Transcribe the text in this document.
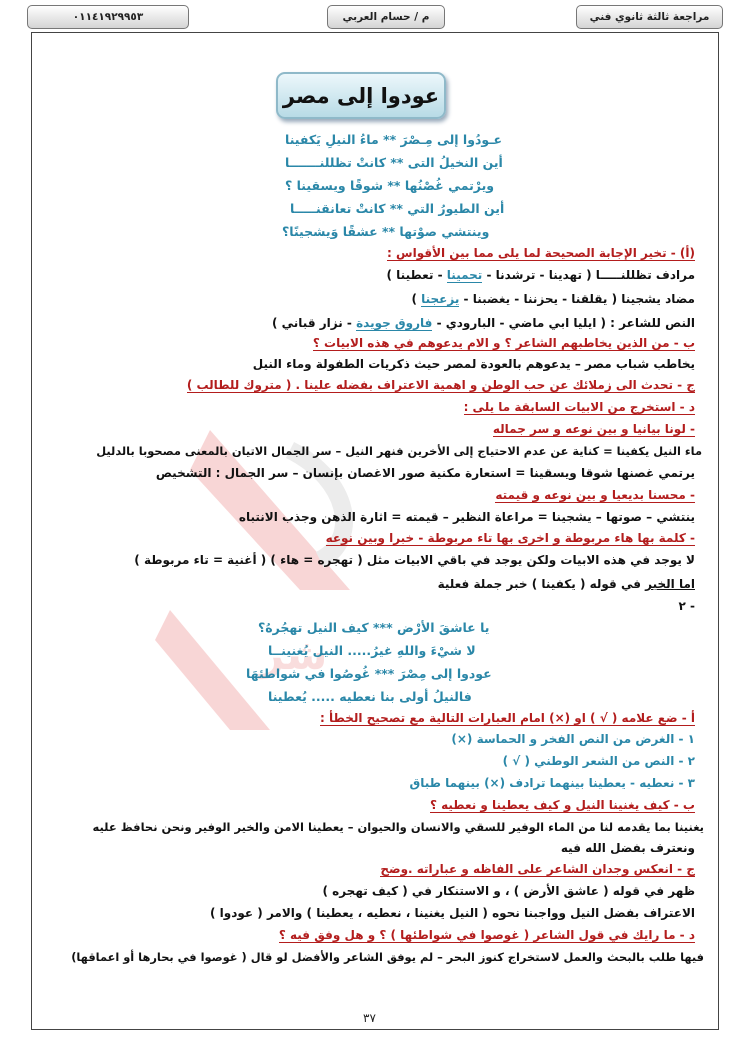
٠١١٤١٩٢٩٩٥٣	م / حسام العربي	مراجعة ثالثة ثانوي فني
شر
عودوا إلى مصر
عـودُوا إلى مِـصْرَ ** ماءُ النيلِ يَكفينا
أين النخيلُ التى ** كانتْ تظللنـــــــا
ويرْتمي غُصْنُها ** شوقًا ويسقينا ؟
أين الطيورُ التي ** كانتْ تعانقنـــــا
وينتشي صوْتها ** عشقًا وَيشجينًا؟
(أ) - تخير الإجابة الصحيحة لما يلى مما بين الأقواس :
مرادف تظللنـــــا ( تهدينا - ترشدنا - تحمينا - تعطينا )
مضاد يشجينا ( يقلقنا - يحزننا - يغضبنا - يزعجنا )
النص للشاعر : ( ايليا ابي ماضي - البارودي - فاروق جويدة - نزار قباني )
ب - من الذين يخاطبهم الشاعر ؟ و الام يدعوهم في هذه الابيات ؟
يخاطب شباب مصر – يدعوهم بالعودة لمصر حيث ذكريات الطفولة وماء النيل
ج - تحدث الى زملائك عن حب الوطن و اهمية الاعتراف بفضله علينا . ( متروك للطالب )
د - استخرج من الابيات السابقة ما يلى :
- لونا بيانيا و بين نوعه و سر جماله
ماء النيل يكفينا = كناية عن عدم الاحتياج إلى الأخرين فنهر النيل – سر الجمال الاتيان بالمعنى مصحوبا بالدليل
يرتمي غصنها شوقا ويسقينا = استعارة مكنية صور الاغصان بإنسان – سر الجمال : التشخيص
- محسنا بديعيا و بين نوعه و قيمته
ينتشي – صوتها – يشجينا = مراعاة النظير – قيمته = اثارة الذهن وجذب الانتباه
- كلمة بها هاء مربوطة و اخرى بها تاء مربوطة - خبرا وبين نوعه
لا يوجد في هذه الابيات ولكن يوجد في باقي الابيات مثل ( تهجره = هاء ) ( أغنية = تاء مربوطة )
اما الخبر في قوله ( يكفينا ) خبر جملة فعلية
- ٢
يا عاشقَ الأرْض *** كيف النيل تهجُرهُ؟
لا شيْءَ واللهِ غيرُ..... النيل يُغنينــا
عودوا إلى مِصْرَ *** غُوصُوا في شواطئهَا
فالنيلُ أولى بنا نعطيه ..... يُعطينا
أ - ضع علامه ( √ ) او (×) امام العبارات التالية مع تصحيح الخطأ :
١ - الغرض من النص الفخر و الحماسة (×)
٢ - النص من الشعر الوطني ( √ )
٣ - نعطيه - يعطينا بينهما ترادف (×) بينهما طباق
ب - كيف يغنينا النيل و كيف يعطينا و نعطيه ؟
يغنينا بما يقدمه لنا من الماء الوفير للسقي والانسان والحيوان – يعطينا الامن والخير الوفير ونحن نحافظ عليه
ونعترف بفضل الله فيه
ج - انعكس وجدان الشاعر على الفاظه و عباراته .وضح
ظهر في قوله ( عاشق الأرض ) ، و الاستنكار في ( كيف تهجره )
الاعتراف بفضل النيل وواجبنا نحوه ( النيل يغنينا ، نعطيه ، يعطينا ) والامر ( عودوا )
د - ما رايك في قول الشاعر ( غوصوا في شواطئها ) ؟ و هل وفق فيه ؟
فيها طلب بالبحث والعمل لاستخراج كنوز البحر – لم يوفق الشاعر والأفضل لو قال ( غوصوا في بحارها أو اعماقها)
٣٧
